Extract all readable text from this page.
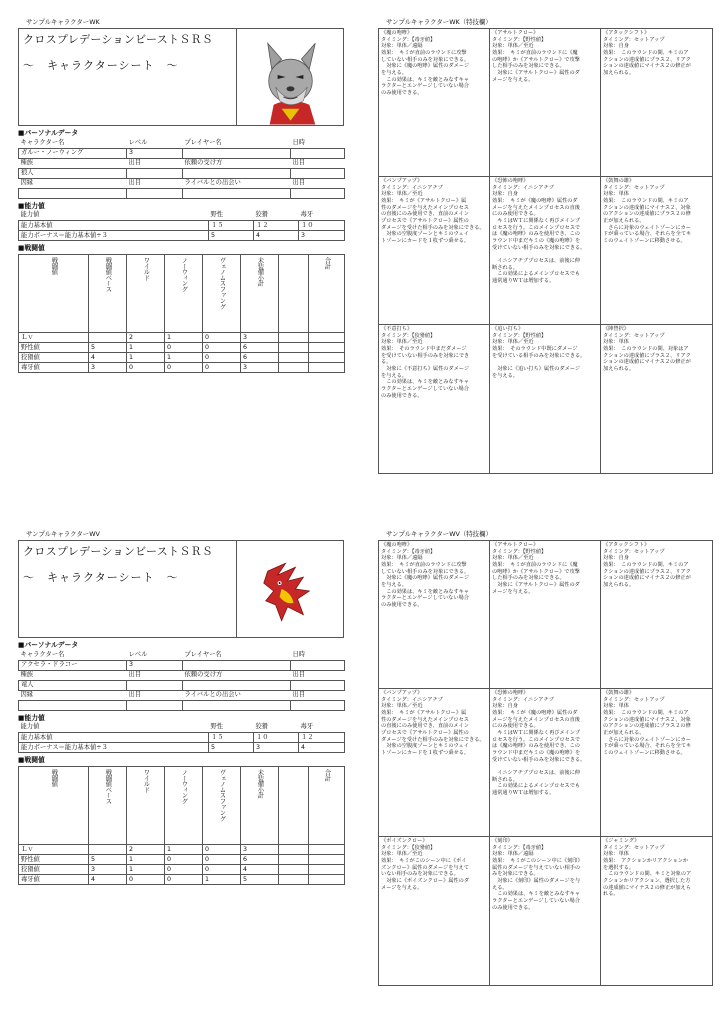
サンプルキャラクターWK
クロスプレデーションビーストＳＲＳ
～　キャラクターシート　～
■パーソナルデータ
キャラクター名	レベル	プレイヤー名	日時
ガルー・ノーウィング	3		
種族	出目	依頼の受け方	出目
狼人			
因縁	出目	ライバルとの出会い	出目

■能力値
能力値	野性	狡猾	毒牙
能力基本値	１５	１２	１０
能力ボーナス＝能力基本値÷３	5	4	3
■戦闘値
戦闘値	戦闘値ベース	ワイルド	ノーウィング	ヴェノムスファング	未装備小計		合計

Ｌｖ		2	1	0	3		
野性値	5	1	0	0	6		
狡猾値	4	1	1	0	6		
毒牙値	3	0	0	0	3		
サンプルキャラクターWK（特技欄）
《魔の咆哮》
タイミング：【毒牙値】
対象：単体／遠隔
効果：　キミが直前のラウンドに攻撃
していない相手のみを対象にできる。
　対象に《魔の咆哮》属性のダメージ
を与える。
　この効果は、キミを敵とみなすキャ
ラクターとエンゲージしていない場合
のみ使用できる。
《アサルトクロー》
タイミング：【野性値】
対象：単体／至近
効果：　キミが直前のラウンドに《魔
の咆哮》か《アサルトクロー》で攻撃
した相手のみを対象にできる。
　対象に《アサルトクロー》属性のダ
メージを与える。
《アタックシフト》
タイミング：セットアップ
対象：自身
効果：　このラウンドの間、キミのア
クションの達成値にプラス２、リアク
ションの達成値にマイナス２の修正が
加えられる。
《バンプアップ》
タイミング：イニシアチブ
対象：単体／至近
効果：　キミが《アサルトクロー》属
性のダメージを与えたメインプロセス
の直後にのみ使用でき、直前のメイン
プロセスで《アサルトクロー》属性の
ダメージを受けた相手のみを対象にできる。
　対象の空腹度ゾーンとキミのウェイ
トゾーンにカードを１枚ずつ乗せる。
《恐怖の咆哮》
タイミング：イニシアチブ
対象：自身
効果：　キミが《魔の咆哮》属性のダ
メージを与えたメインプロセスの直後
にのみ使用できる。
　キミはＷＴに関係なく再びメインプ
ロセスを行う。このメインプロセスで
は《魔の咆哮》のみを使用でき、この
ラウンド中まだキミの《魔の咆哮》を
受けていない相手のみを対象にできる。

　イニシアチブプロセスは、前後に伸
断される。
　この効果によるメインプロセスでも
通常通りＷＴは増加する。
《鼓舞の雄》
タイミング：セットアップ
対象：単体
効果：　このラウンドの間、キミのア
クションの達成値にマイナス２、対象
のアクションの達成値にプラス２の修
正が加えられる。
　さらに対象のウェイトゾーンにカー
ドが乗っている場合、それらを全てキ
ミのウェイトゾーンに移動させる。
《不意打ち》
タイミング：【狡猾値】
対象：単体／至近
効果：　そのラウンド中まだダメージ
を受けていない相手のみを対象にでき
る。
　対象に《不意打ち》属性のダメージ
を与える。
　この効果は、キミを敵とみなすキャ
ラクターとエンゲージしていない場合
のみ使用できる。
《追い打ち》
タイミング：【野性値】
対象：単体／至近
効果：　そのラウンド中既にダメージ
を受けている相手のみを対象にできる。

　対象に《追い打ち》属性のダメージ
を与える。
《陣營択》
タイミング：セットアップ
対象：単体
効果：　このラウンドの間、対象はア
クションの達成値にプラス２、リアク
ションの達成値にマイナス２の修正が
加えられる。
サンプルキャラクターWV
クロスプレデーションビーストＳＲＳ
～　キャラクターシート　～
■パーソナルデータ
キャラクター名	レベル	プレイヤー名	日時
アクセラ・ドラコー	3		
種族	出目	依頼の受け方	出目
竜人			
因縁	出目	ライバルとの出会い	出目

■能力値
能力値	野性	狡猾	毒牙
能力基本値	１５	１０	１２
能力ボーナス＝能力基本値÷３	5	3	4
■戦闘値
戦闘値	戦闘値ベース	ワイルド	ノーウィング	ヴェノムスファング	未装備小計		合計

Ｌｖ		2	1	0	3		
野性値	5	1	0	0	6		
狡猾値	3	1	0	0	4		
毒牙値	4	0	0	1	5		
サンプルキャラクターWV（特技欄）
《魔の咆哮》
タイミング：【毒牙値】
対象：単体／遠隔
効果：　キミが直前のラウンドに攻撃
していない相手のみを対象にできる。
　対象に《魔の咆哮》属性のダメージ
を与える。
　この効果は、キミを敵とみなすキャ
ラクターとエンゲージしていない場合
のみ使用できる。
《アサルトクロー》
タイミング：【野性値】
対象：単体／至近
効果：　キミが直前のラウンドに《魔
の咆哮》か《アサルトクロー》で攻撃
した相手のみを対象にできる。
　対象に《アサルトクロー》属性のダ
メージを与える。
《アタックシフト》
タイミング：セットアップ
対象：自身
効果：　このラウンドの間、キミのア
クションの達成値にプラス２、リアク
ションの達成値にマイナス２の修正が
加えられる。
《バンプアップ》
タイミング：イニシアチブ
対象：単体／至近
効果：　キミが《アサルトクロー》属
性のダメージを与えたメインプロセス
の直後にのみ使用でき、直前のメイン
プロセスで《アサルトクロー》属性の
ダメージを受けた相手のみを対象にできる。
　対象の空腹度ゾーンとキミのウェイ
トゾーンにカードを１枚ずつ乗せる。
《恐怖の咆哮》
タイミング：イニシアチブ
対象：自身
効果：　キミが《魔の咆哮》属性のダ
メージを与えたメインプロセスの直後
にのみ使用できる。
　キミはＷＴに関係なく再びメインプ
ロセスを行う。このメインプロセスで
は《魔の咆哮》のみを使用でき、この
ラウンド中まだキミの《魔の咆哮》を
受けていない相手のみを対象にできる。

　イニシアチブプロセスは、前後に伸
断される。
　この効果によるメインプロセスでも
通常通りＷＴは増加する。
《鼓舞の雄》
タイミング：セットアップ
対象：単体
効果：　このラウンドの間、キミのア
クションの達成値にマイナス２、対象
のアクションの達成値にプラス２の修
正が加えられる。
　さらに対象のウェイトゾーンにカー
ドが乗っている場合、それらを全てキ
ミのウェイトゾーンに移動させる。
《ポイズンクロー》
タイミング：【狡猾値】
対象：単体／至近
効果：　キミがこのシーン中に《ポイ
ズンクロー》属性のダメージを与えて
いない相手のみを対象にできる。
　対象に《ポイズンクロー》属性のダ
メージを与える。
《刻印》
タイミング：【毒牙値】
対象：単体／遠隔
効果：　キミがこのシーン中に《刻印》
属性のダメージを与えていない相手の
みを対象にできる。
　対象に《刻印》属性のダメージを与
える。
　この効果は、キミを敵とみなすキャ
ラクターとエンゲージしていない場合
のみ使用できる。
《ジャミング》
タイミング：セットアップ
対象：単体
効果：　アクションかリアクションか
を選択する。
　このラウンドの間、キミと対象のア
クションかリアクション、選択した方
の達成値にマイナス２の修正が加えら
れる。
